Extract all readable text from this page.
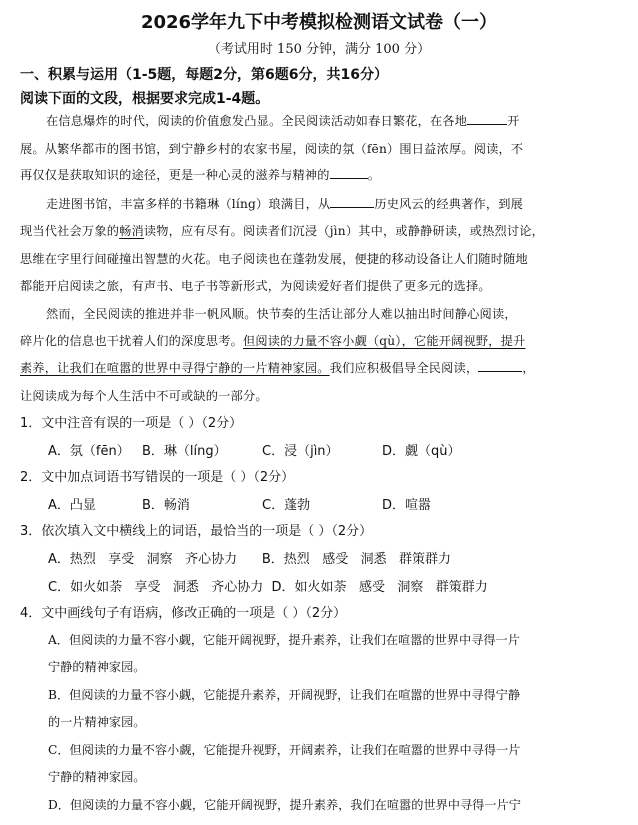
2026学年九下中考模拟检测语文试卷（一）
（考试用时 150 分钟，满分 100 分）
一、积累与运用（1-5题，每题2分，第6题6分，共16分）
阅读下面的文段，根据要求完成1-4题。
在信息爆炸的时代，阅读的价值愈发凸显。全民阅读活动如春日繁花，在各地	开
展。从繁华都市的图书馆，到宁静乡村的农家书屋，阅读的氛（fēn）围日益浓厚。阅读，不
再仅仅是获取知识的途径，更是一种心灵的滋养与精神的	。
走进图书馆，丰富多样的书籍琳（líng）琅满目，从	历史风云的经典著作，到展
现当代社会万象的畅消读物，应有尽有。阅读者们沉浸（jìn）其中，或静静研读，或热烈讨论，
思维在字里行间碰撞出智慧的火花。电子阅读也在蓬勃发展，便捷的移动设备让人们随时随地
都能开启阅读之旅，有声书、电子书等新形式，为阅读爱好者们提供了更多元的选择。
然而，全民阅读的推进并非一帆风顺。快节奏的生活让部分人难以抽出时间静心阅读，
碎片化的信息也干扰着人们的深度思考。但阅读的力量不容小觑（qù），它能开阔视野，提升
素养，让我们在喧嚣的世界中寻得宁静的一片精神家园。我们应积极倡导全民阅读，	，
让阅读成为每个人生活中不可或缺的一部分。
1．文中注音有误的一项是（ ）（2分）
A．氛（fēn） B．琳（líng）	C．浸（jìn）	D．觑（qù）
2．文中加点词语书写错误的一项是（ ）（2分）
A．凸显	B．畅消	C．蓬勃	D．喧嚣
3．依次填入文中横线上的词语，最恰当的一项是（ ）（2分）
A．热烈   享受   洞察   齐心协力      B．热烈   感受   洞悉   群策群力
C．如火如荼   享受   洞悉   齐心协力  D．如火如荼   感受   洞察   群策群力
4．文中画线句子有语病，修改正确的一项是（ ）（2分）
A．但阅读的力量不容小觑，它能开阔视野，提升素养，让我们在喧嚣的世界中寻得一片
宁静的精神家园。
B．但阅读的力量不容小觑，它能提升素养，开阔视野，让我们在喧嚣的世界中寻得宁静
的一片精神家园。
C．但阅读的力量不容小觑，它能提升视野，开阔素养，让我们在喧嚣的世界中寻得一片
宁静的精神家园。
D．但阅读的力量不容小觑，它能开阔视野，提升素养，我们在喧嚣的世界中寻得一片宁
